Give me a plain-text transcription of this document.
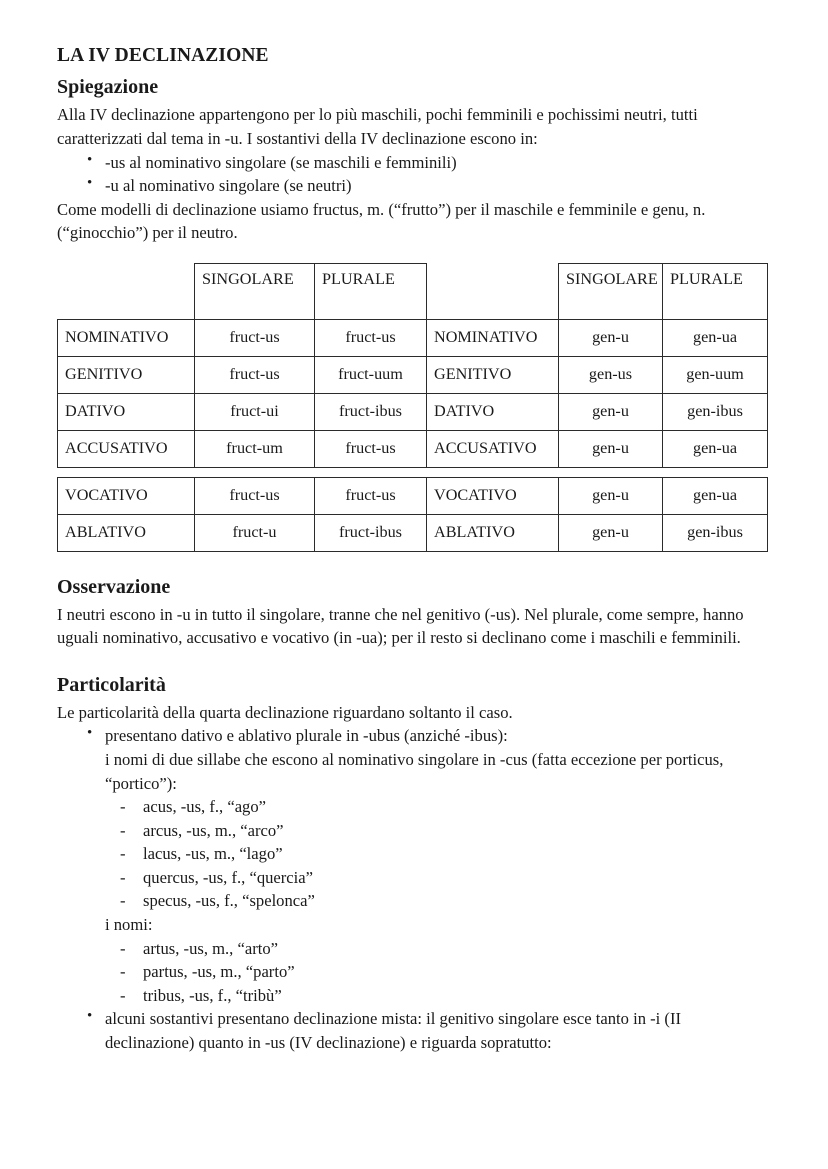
LA IV DECLINAZIONE
Spiegazione

Alla IV declinazione appartengono per lo più maschili, pochi femminili e pochissimi neutri, tutti caratterizzati dal tema in -u. I sostantivi della IV declinazione escono in:

• -us al nominativo singolare (se maschili e femminili)
• -u al nominativo singolare (se neutri)

Come modelli di declinazione usiamo fructus, m. (“frutto”) per il maschile e femminile e genu, n. (“ginocchio”) per il neutro.

	SINGOLARE	PLURALE		SINGOLARE	PLURALE
NOMINATIVO	fruct-us	fruct-us	NOMINATIVO	gen-u	gen-ua
GENITIVO	fruct-us	fruct-uum	GENITIVO	gen-us	gen-uum
DATIVO	fruct-ui	fruct-ibus	DATIVO	gen-u	gen-ibus
ACCUSATIVO	fruct-um	fruct-us	ACCUSATIVO	gen-u	gen-ua
VOCATIVO	fruct-us	fruct-us	VOCATIVO	gen-u	gen-ua
ABLATIVO	fruct-u	fruct-ibus	ABLATIVO	gen-u	gen-ibus
Osservazione

I neutri escono in -u in tutto il singolare, tranne che nel genitivo (-us). Nel plurale, come sempre, hanno uguali nominativo, accusativo e vocativo (in -ua); per il resto si declinano come i maschili e femminili.

Particolarità

Le particolarità della quarta declinazione riguardano soltanto il caso.

• presentano dativo e ablativo plurale in -ubus (anziché -ibus):
i nomi di due sillabe che escono al nominativo singolare in -cus (fatta eccezione per porticus, “portico”):
- acus, -us, f., “ago”
- arcus, -us, m., “arco”
- lacus, -us, m., “lago”
- quercus, -us, f., “quercia”
- specus, -us, f., “spelonca”
i nomi:
- artus, -us, m., “arto”
- partus, -us, m., “parto”
- tribus, -us, f., “tribù”
• alcuni sostantivi presentano declinazione mista: il genitivo singolare esce tanto in -i (II declinazione) quanto in -us (IV declinazione) e riguarda sopratutto:
